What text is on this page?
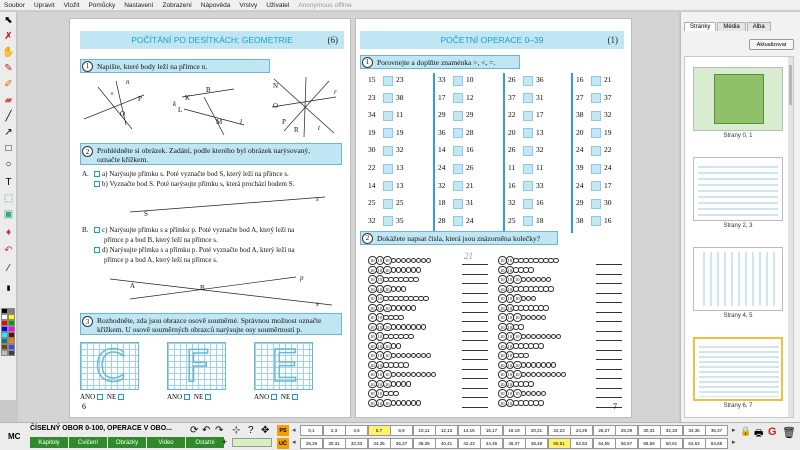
Soubor	Upravit	Vložit	Pomůcky	Nastavení	Zobrazení	Nápověda	Vrstvy	Uživatel	Anonymous offline
⬉
✗
✋
✎
✐
▰
╱
↗
□
○
T
⬚
▣
♦
↶
⁄
▮
POČÍTÁNÍ PO DESÍTKÁCH; GEOMETRIE	(6)
1	Napište, které body leží na přímce n.
n
P
O
×	B
K
L
M
k
l
N
r
O
P
R	t
2	Prohlédněte si obrázek. Zadání, podle kterého byl obrázek narýsovaný,
označte křížkem.
A.	a) Narýsujte přímku s. Poté vyznačte bod S, který leží na přímce s.
b) Vyznačte bod S. Poté narýsujte přímku s, která prochází bodem S.
S
s
B.	c) Narýsujte přímku s a přímku p. Poté vyznačte bod A, který leží na
přímce p a bod B, který leží na přímce s.
d) Narýsujte přímku s a přímku p. Poté vyznačte bod A, který leží na
přímce p a bod A, který leží na přímce s.
A	B
p
s
3	Rozhodněte, zda jsou obrazce osově souměrné. Správnou možnost označte
křížkem. U osově souměrných obrazců narýsujte osy souměrnosti p.
C	F	E
ANO NE	ANO NE	ANO NE
6
POČETNÍ OPERACE 0–39	(1)
1	Porovnejte a doplňte znaménka >, <, =.
15	23	33	10	26	36	16	21
23	38	17	12	37	31	27	37
34	11	29	29	22	17	38	32
19	19	36	28	20	13	20	19
30	32	14	16	26	32	24	22
22	13	24	26	11	11	39	24
14	13	32	21	16	33	24	17
25	25	18	31	32	16	29	30
32	35	28	24	25	18	38	16
2	Dokážete napsat čísla, která jsou znázorněna kolečky?
10 10 10	10 10
10 10 10	10 10
10 10	10 10 10
10 10 10	10 10
10 10	10 10 10
10 10 10	10 10
10 10	10 10 10
10 10 10	10 10
10 10	10 10 10
10 10 10	10 10
10 10 10	10 10
10 10	10 10 10
10 10 10	10 10 10
10 10 10	10 10
10 10	10 10 10
10 10 10	10 10
21
7
Stránky	Média	Alba
Aktualizovat
Strany 0, 1
Strany 2, 3
Strany 4, 5
Strany 6, 7
MC
ČÍSELNÝ OBOR 0-100, OPERACE V OBO...
Kapitoly	Cvičení	Obrázky	Video	Ostatní
⟳ ↶ ↷ ⊹ ? ✥
+
PS
UČ
◂
◂
0,1	2,3	4,5	6,7	8,9	10,11	12,13	14,15	16,17	18,19	20,21	22,23	24,25	26,27	28,29	30,31	32,33	34,35	36,37
28,29	30,31	32,33	34,35	36,37	38,39	40,41	42,43	44,45	46,47	48,49	50,51	52,53	54,55	56,57	58,59	60,61	62,63	64,65
▸
▸
🔒 🖶 G 🗑
